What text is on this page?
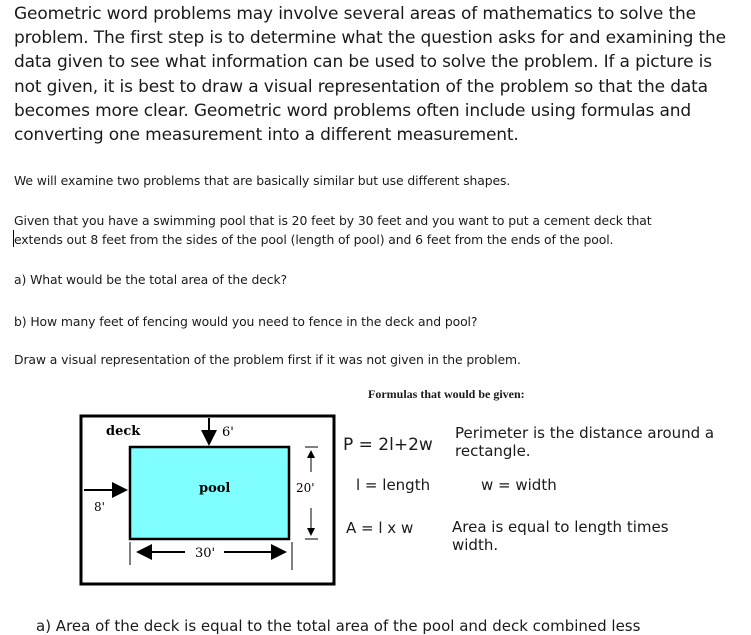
Geometric word problems may involve several areas of mathematics to solve the problem. The first step is to determine what the question asks for and examining the data given to see what information can be used to solve the problem. If a picture is not given, it is best to draw a visual representation of the problem so that the data becomes more clear. Geometric word problems often include using formulas and converting one measurement into a different measurement.
We will examine two problems that are basically similar but use different shapes.
Given that you have a swimming pool that is 20 feet by 30 feet and you want to put a cement deck that
extends out 8 feet from the sides of the pool (length of pool) and 6 feet from the ends of the pool.
a) What would be the total area of the deck?
b) How many feet of fencing would you need to fence in the deck and pool?
Draw a visual representation of the problem first if it was not given in the problem.
Formulas that would be given:
deck	6'
pool	20'
8'
30'
P = 2l+2w
Perimeter is the distance around a
rectangle.
l = length	w = width
A = l x w	Area is equal to length times
width.
a) Area of the deck is equal to the total area of the pool and deck combined less
